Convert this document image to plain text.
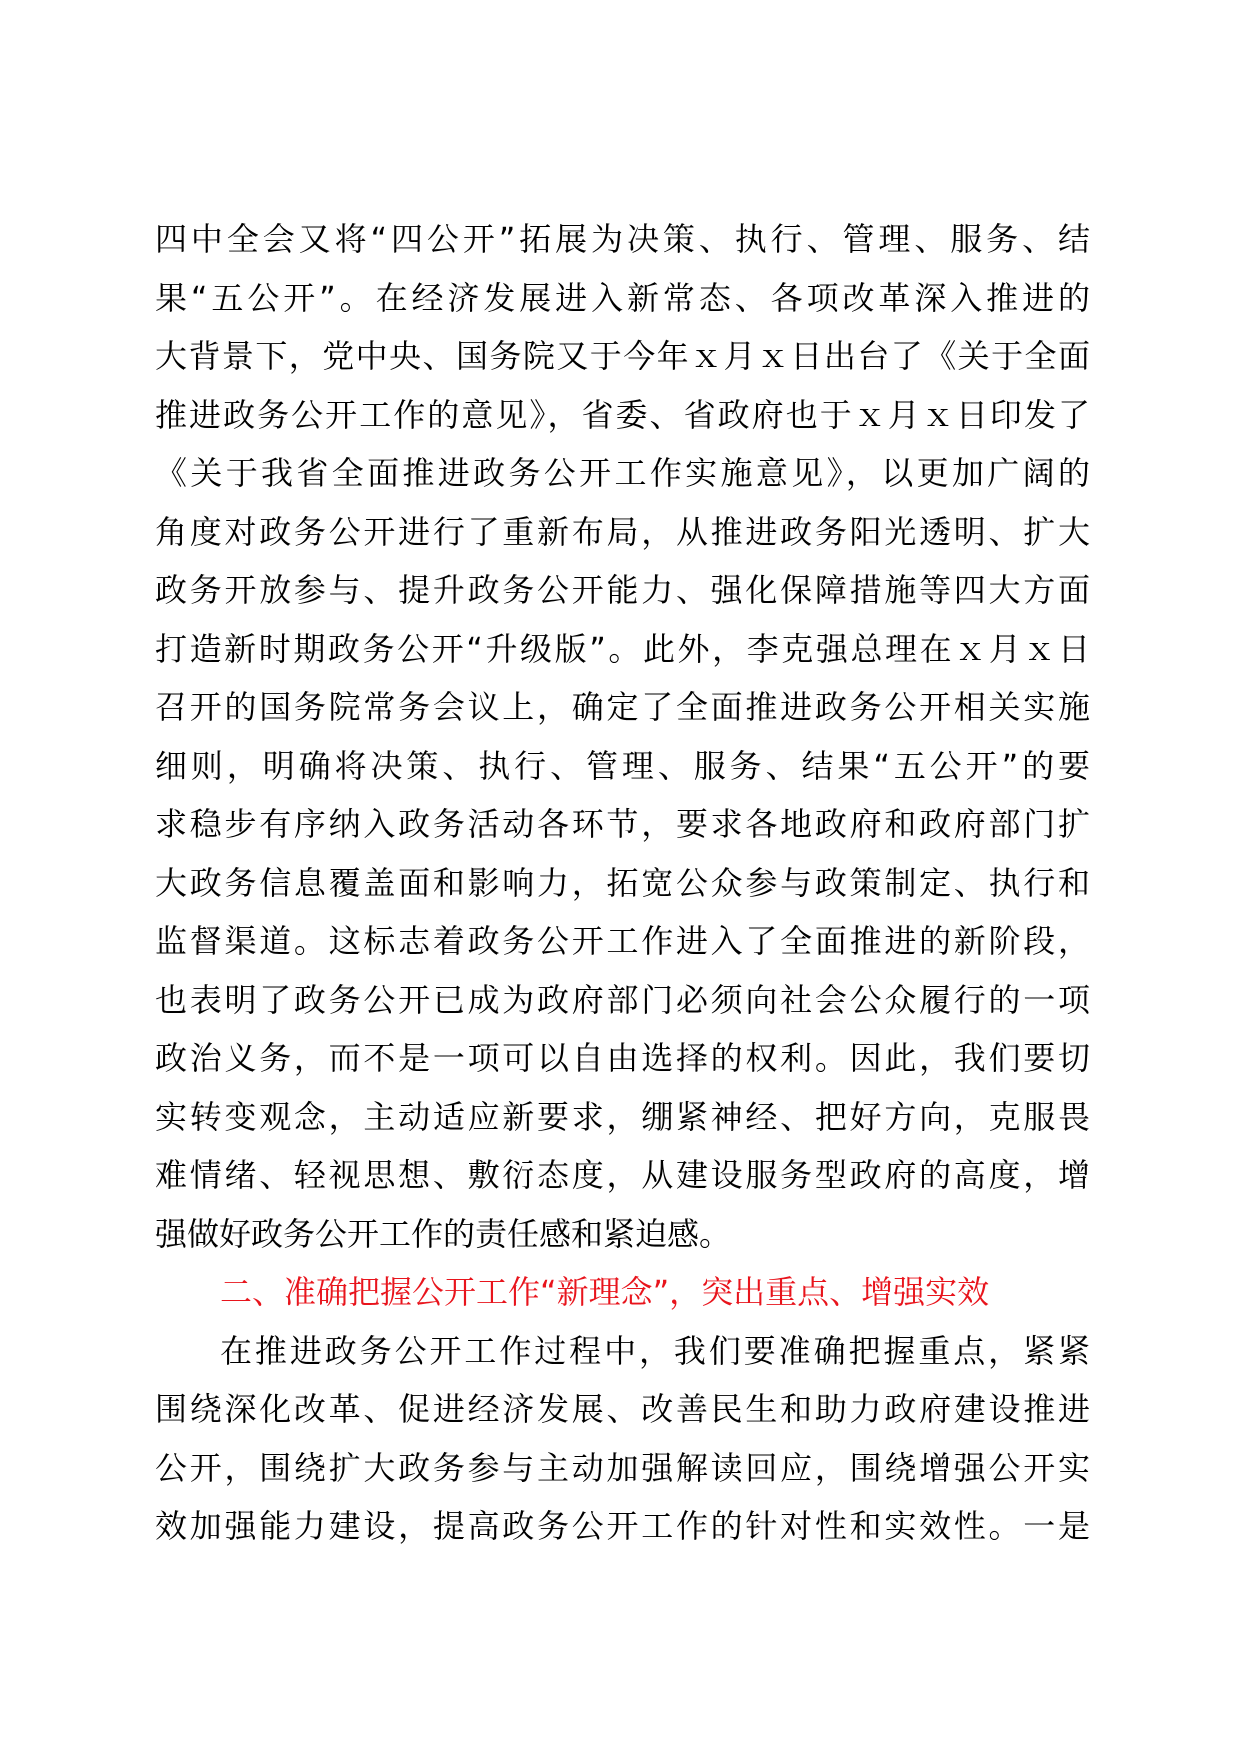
四中全会又将“四公开”拓展为决策、执行、管理、服务、结
果“五公开”。在经济发展进入新常态、各项改革深入推进的
大背景下，党中央、国务院又于今年ｘ月ｘ日出台了《关于全面
推进政务公开工作的意见》，省委、省政府也于ｘ月ｘ日印发了
《关于我省全面推进政务公开工作实施意见》，以更加广阔的
角度对政务公开进行了重新布局，从推进政务阳光透明、扩大
政务开放参与、提升政务公开能力、强化保障措施等四大方面
打造新时期政务公开“升级版”。此外，李克强总理在ｘ月ｘ日
召开的国务院常务会议上，确定了全面推进政务公开相关实施
细则，明确将决策、执行、管理、服务、结果“五公开”的要
求稳步有序纳入政务活动各环节，要求各地政府和政府部门扩
大政务信息覆盖面和影响力，拓宽公众参与政策制定、执行和
监督渠道。这标志着政务公开工作进入了全面推进的新阶段，
也表明了政务公开已成为政府部门必须向社会公众履行的一项
政治义务，而不是一项可以自由选择的权利。因此，我们要切
实转变观念，主动适应新要求，绷紧神经、把好方向，克服畏
难情绪、轻视思想、敷衍态度，从建设服务型政府的高度，增
强做好政务公开工作的责任感和紧迫感。
二、准确把握公开工作“新理念”，突出重点、增强实效
在推进政务公开工作过程中，我们要准确把握重点，紧紧
围绕深化改革、促进经济发展、改善民生和助力政府建设推进
公开，围绕扩大政务参与主动加强解读回应，围绕增强公开实
效加强能力建设，提高政务公开工作的针对性和实效性。一是
